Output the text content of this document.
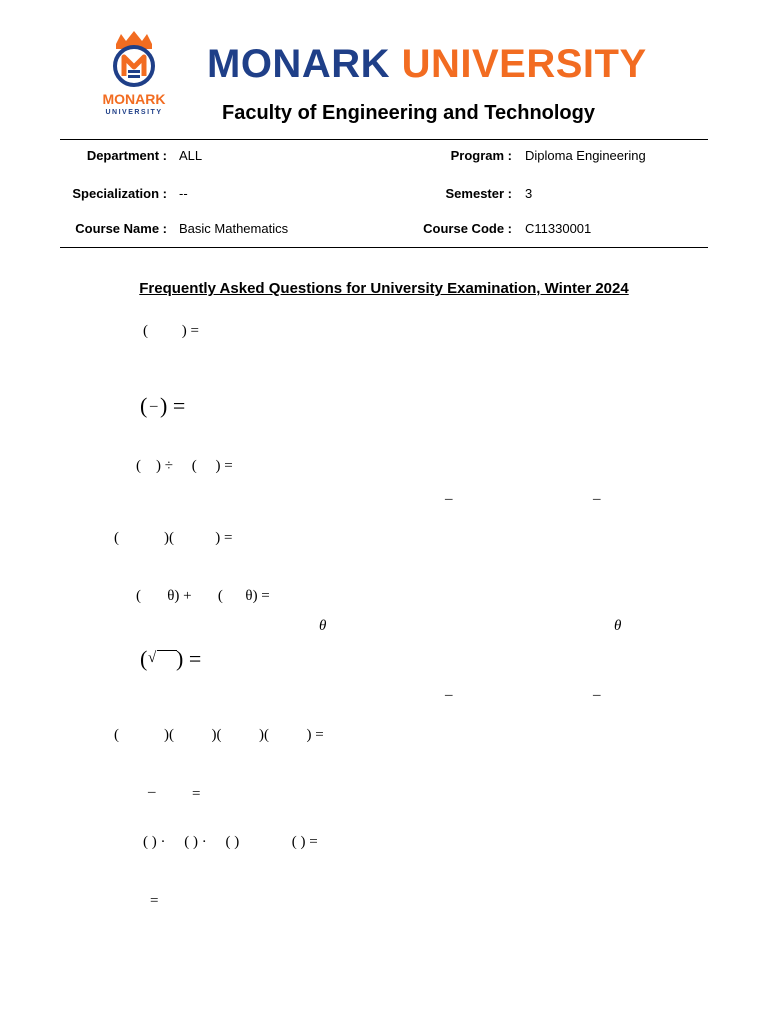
MONARK
UNIVERSITY
MONARK UNIVERSITY
Faculty of Engineering and Technology
Department : ALL	Program : Diploma Engineering
Specialization : --	Semester : 3
Course Name : Basic Mathematics	Course Code : C11330001
Frequently Asked Questions for University Examination, Winter 2024
(         ) =
( – ) =
(    ) ÷     (     ) =
–	–
(            )(           ) =
(       θ) +       (      θ) =
θ	θ
( √ ) =
–	–
(            )(          )(          )(          ) =
– =
( ) ·     ( ) ·     ( )              ( ) =
=
